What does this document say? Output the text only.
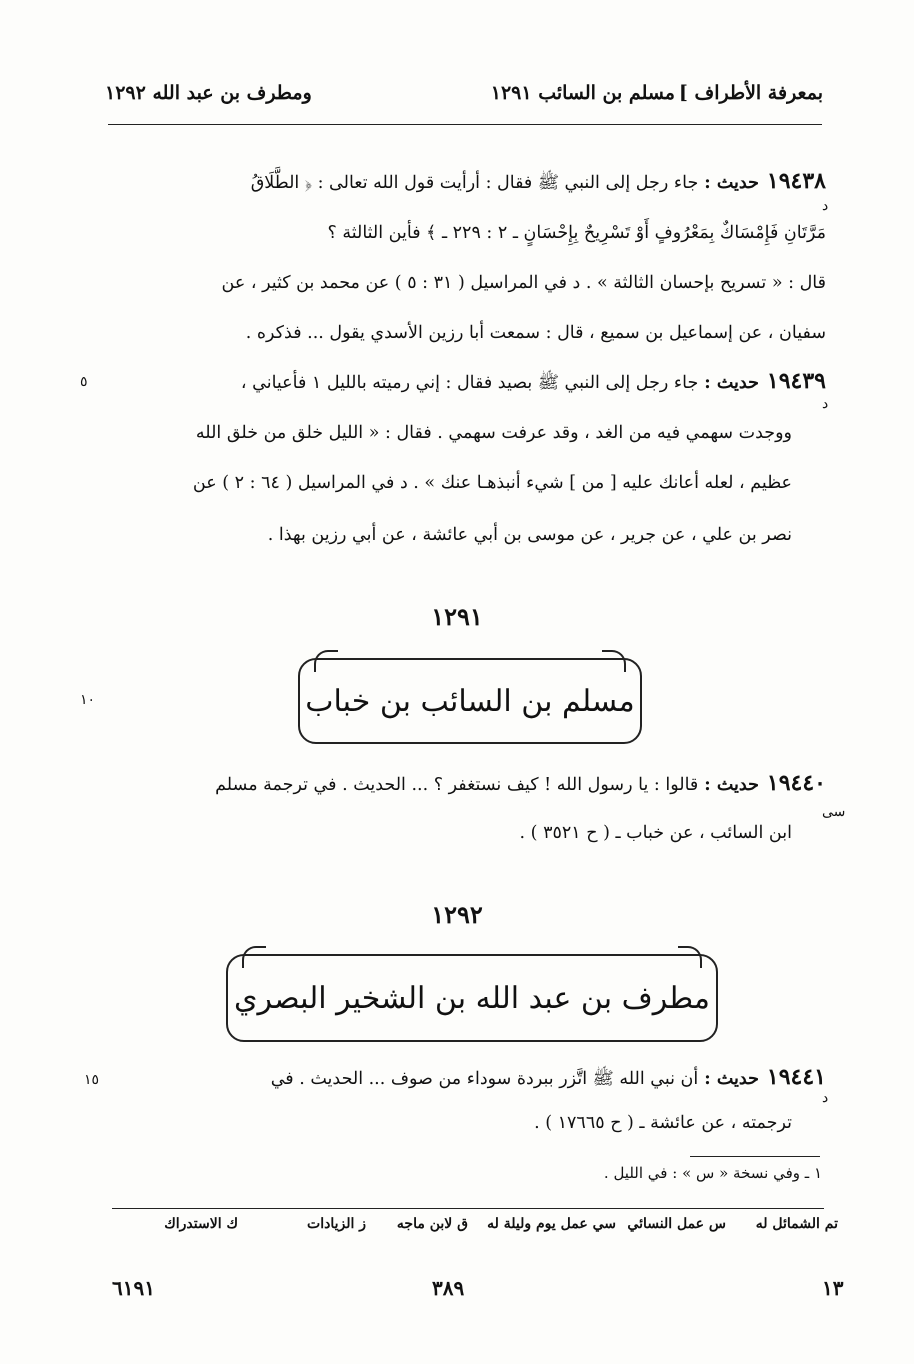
بمعرفة الأطراف ]
مسلم بن السائب ١٢٩١
ومطرف بن عبد الله ١٢٩٢
١٩٤٣٨حديث :جاء رجل إلى النبي ﷺ فقال : أرأيت قول الله تعالى : ﴿ الطَّلَاقُ
د
مَرَّتَانِ فَإِمْسَاكٌ بِمَعْرُوفٍ أَوْ تَسْرِيحٌ بِإِحْسَانٍ ـ ٢ : ٢٢٩ ـ ﴾ فأين الثالثة ؟
قال : « تسريح بإحسان الثالثة » . د في المراسيل ( ٣١ : ٥ ) عن محمد بن كثير ، عن
سفيان ، عن إسماعيل بن سميع ، قال : سمعت أبا رزين الأسدي يقول ... فذكره .
١٩٤٣٩حديث :جاء رجل إلى النبي ﷺ بصيد فقال : إني رميته بالليل ١ فأعياني ،
٥
د
ووجدت سهمي فيه من الغد ، وقد عرفت سهمي . فقال : « الليل خلق من خلق الله
عظيم ، لعله أعانك عليه [ من ] شيء أنبذهـا عنك » . د في المراسيل ( ٦٤ : ٢ ) عن
نصر بن علي ، عن جرير ، عن موسى بن أبي عائشة ، عن أبي رزين بهذا .
١٢٩١
مسلم بن السائب بن خباب
١٠
١٩٤٤٠حديث :قالوا : يا رسول الله ! كيف نستغفر ؟ ... الحديث . في ترجمة مسلم
سى
ابن السائب ، عن خباب ـ ( ح ٣٥٢١ ) .
١٢٩٢
مطرف بن عبد الله بن الشخير البصري
١٩٤٤١حديث :أن نبي الله ﷺ اتَّزر ببردة سوداء من صوف ... الحديث . في
١٥
د
ترجمته ، عن عائشة ـ ( ح ١٧٦٦٥ ) .
١ ـ وفي نسخة « س » : في الليل .
تم الشمائل له
س عمل النسائي
سي عمل يوم وليلة له
ق لابن ماجه
ز الزيادات
ك الاستدراك
١٣
٣٨٩
٦١٩١
